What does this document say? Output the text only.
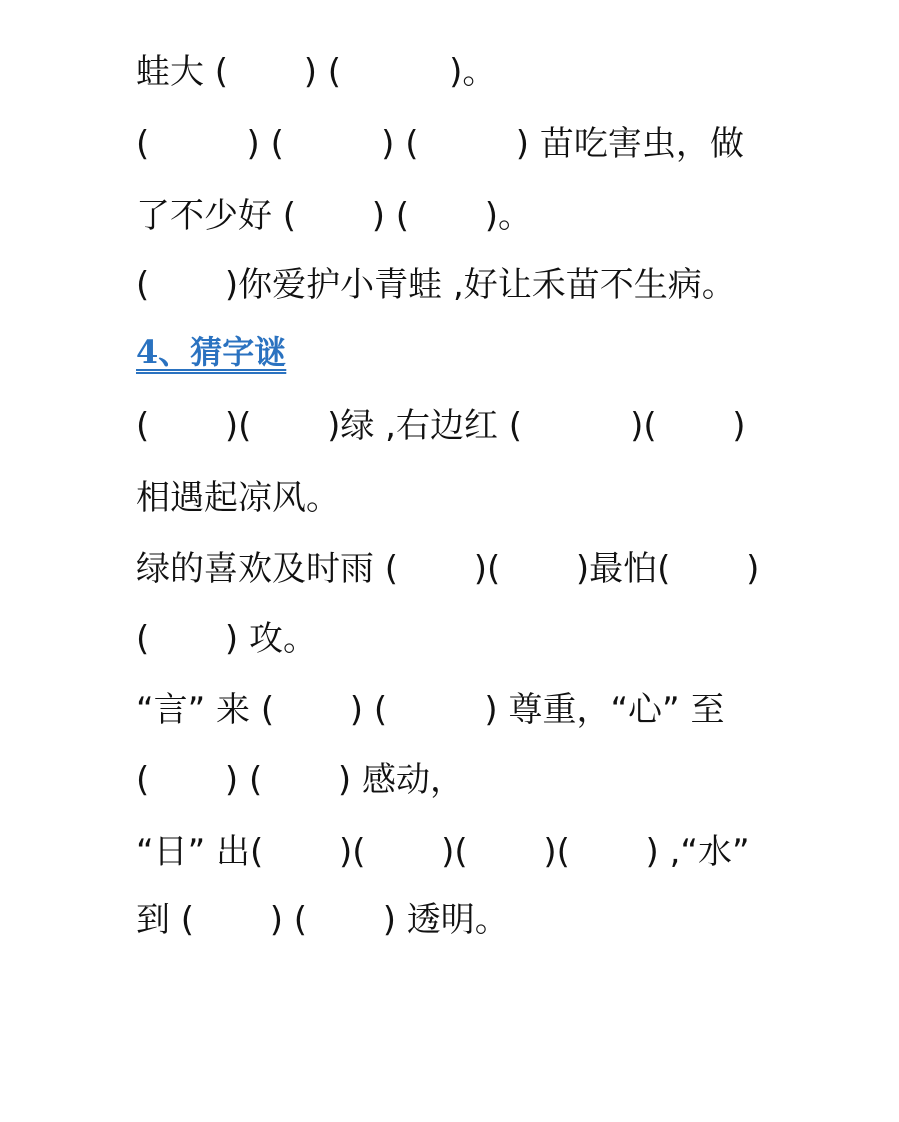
蛙大 (       ) (          )。
(         ) (         ) (         ) 苗吃害虫，做
了不少好 (       ) (       )。
(       )你爱护小青蛙 ,好让禾苗不生病。
4、猜字谜
(       )(       )绿 ,右边红 (          )(       )
相遇起凉风。
绿的喜欢及时雨 (       )(       )最怕(       )
(       ) 攻。
“言” 来 (       ) (         ) 尊重，“心” 至
(       ) (       ) 感动，
“日” 出(       )(       )(       )(       ) ,“水”
到 (       ) (       ) 透明。
